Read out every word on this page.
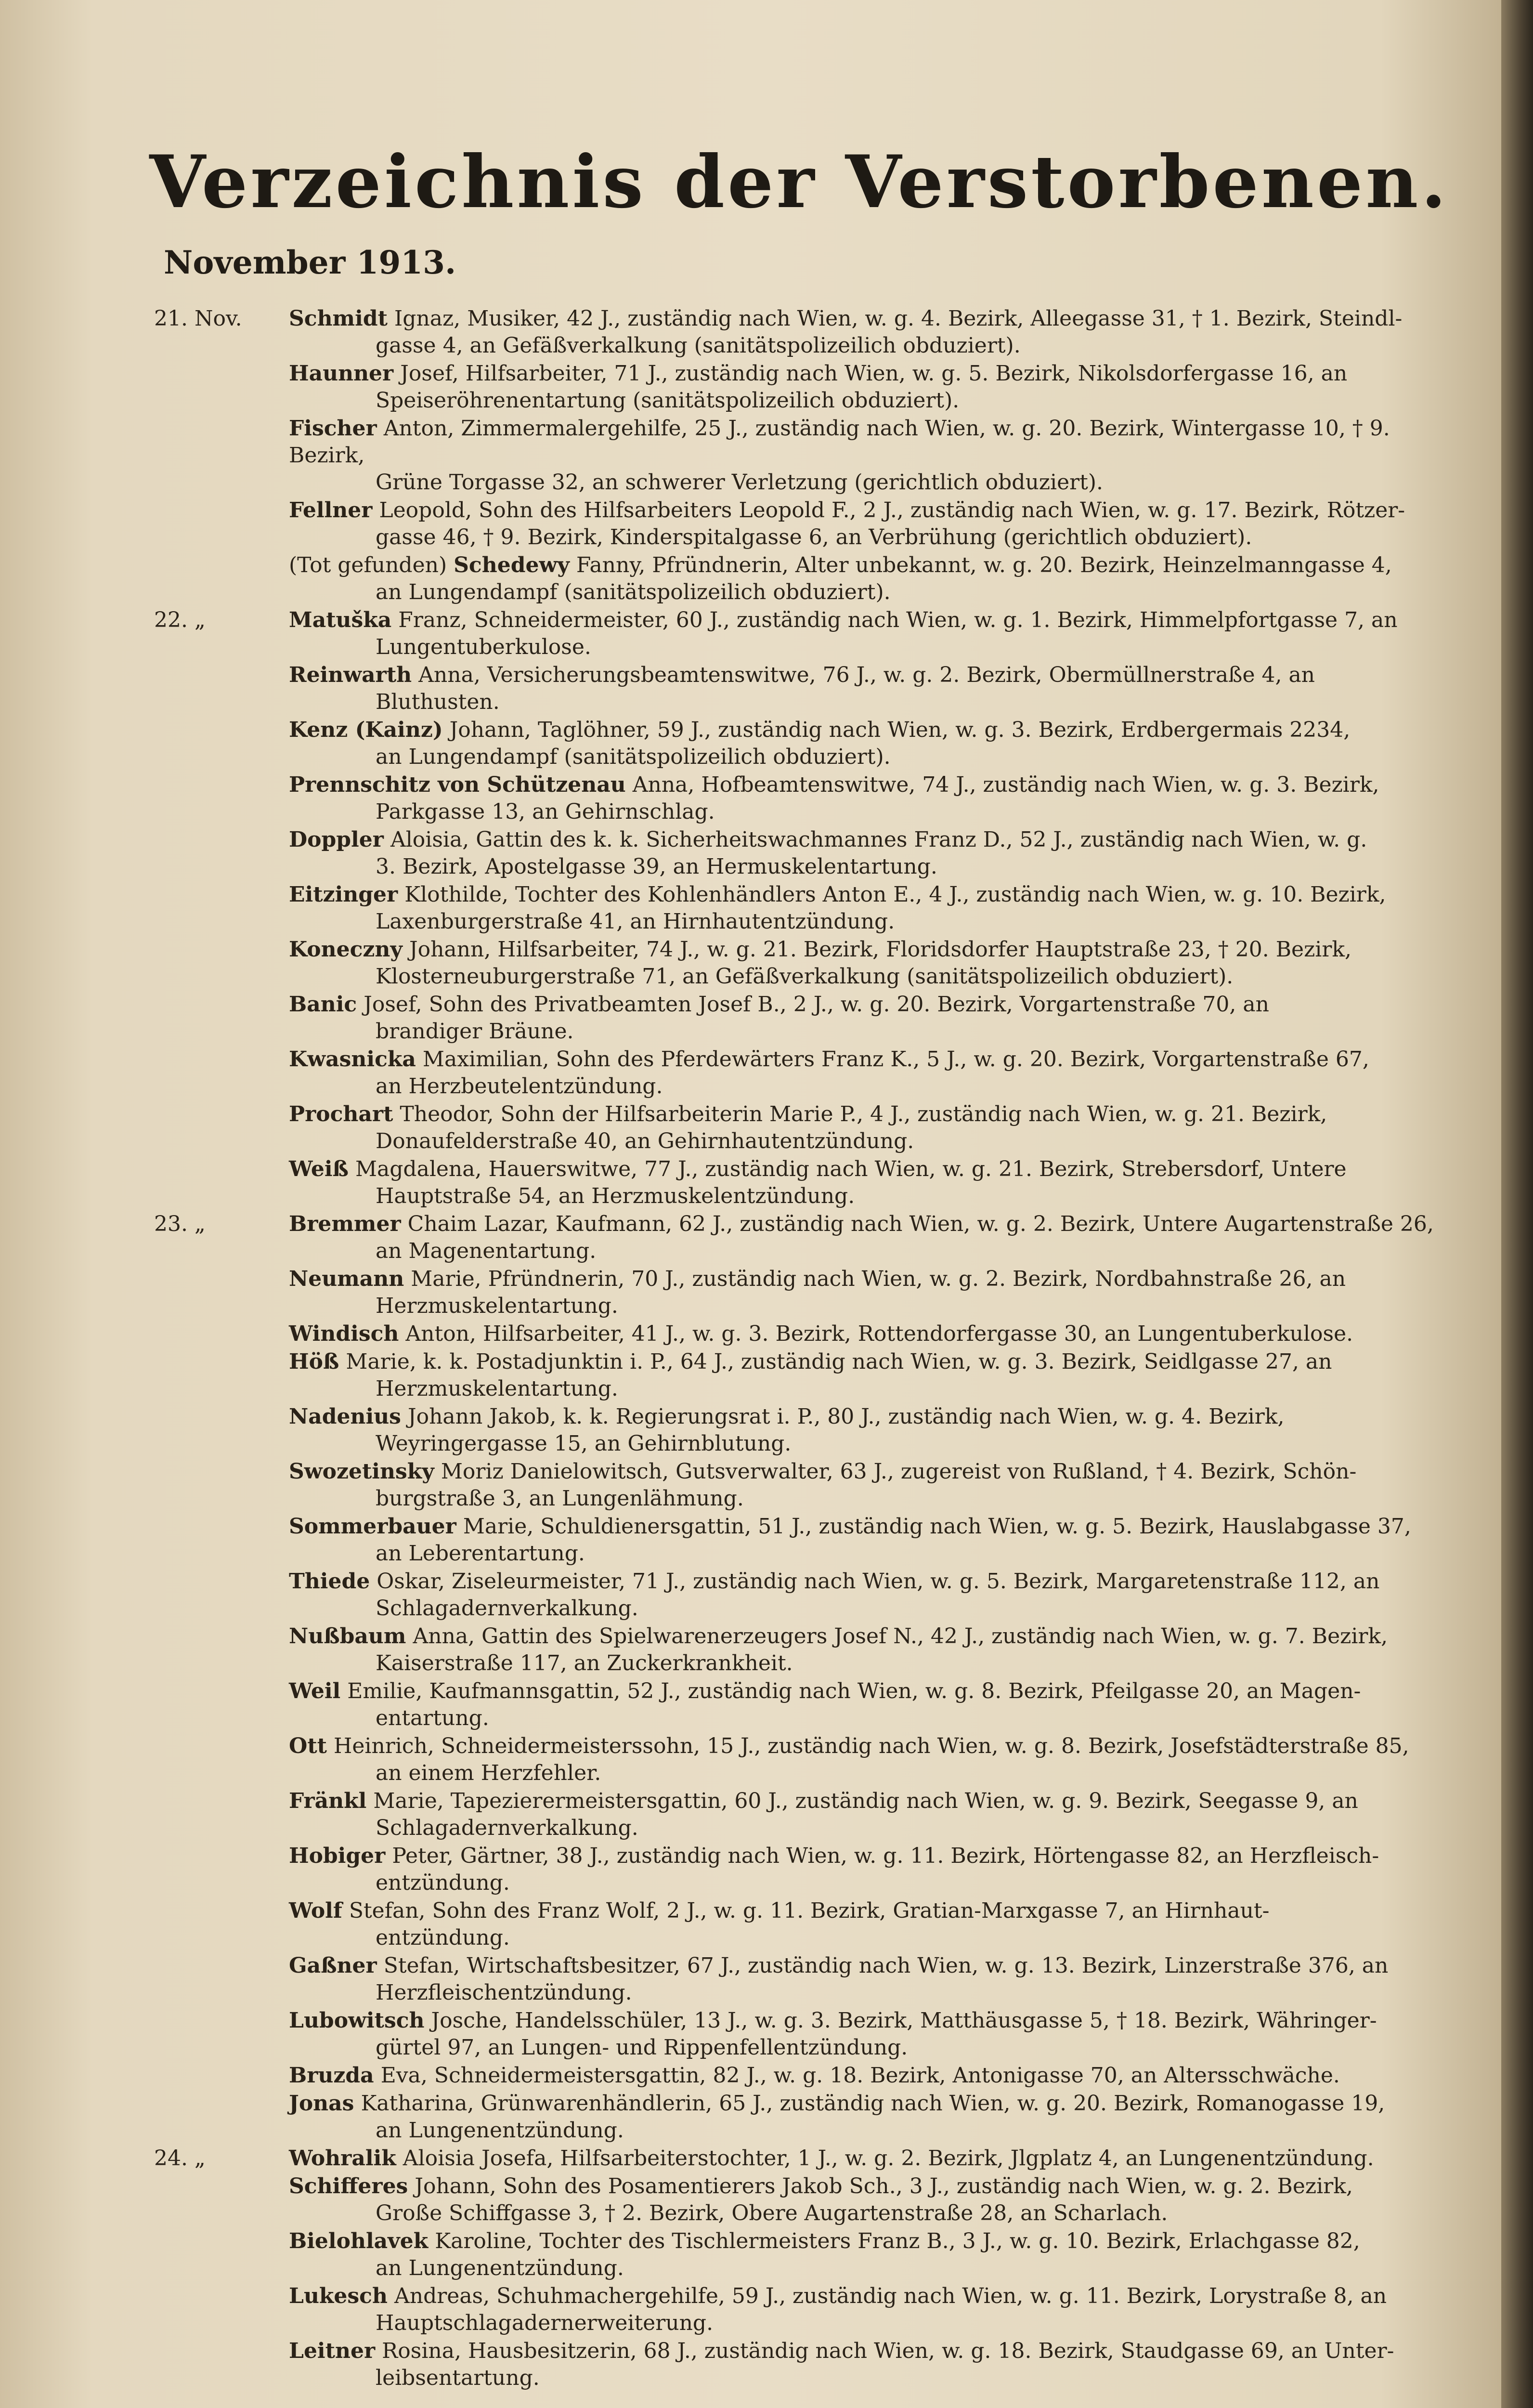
Verzeichnis der Verstorbenen.
November 1913.
21. Nov.	Schmidt Ignaz, Musiker, 42 J., zuständig nach Wien, w. g. 4. Bezirk, Alleegasse 31, † 1. Bezirk, Steindl-
gasse 4, an Gefäßverkalkung (sanitätspolizeilich obduziert).
Haunner Josef, Hilfsarbeiter, 71 J., zuständig nach Wien, w. g. 5. Bezirk, Nikolsdorfergasse 16, an
Speiseröhrenentartung (sanitätspolizeilich obduziert).
Fischer Anton, Zimmermalergehilfe, 25 J., zuständig nach Wien, w. g. 20. Bezirk, Wintergasse 10, † 9. Bezirk,
Grüne Torgasse 32, an schwerer Verletzung (gerichtlich obduziert).
Fellner Leopold, Sohn des Hilfsarbeiters Leopold F., 2 J., zuständig nach Wien, w. g. 17. Bezirk, Rötzer-
gasse 46, † 9. Bezirk, Kinderspitalgasse 6, an Verbrühung (gerichtlich obduziert).
(Tot gefunden) Schedewy Fanny, Pfründnerin, Alter unbekannt, w. g. 20. Bezirk, Heinzelmanngasse 4,
an Lungendampf (sanitätspolizeilich obduziert).
22. „	Matuška Franz, Schneidermeister, 60 J., zuständig nach Wien, w. g. 1. Bezirk, Himmelpfortgasse 7, an
Lungentuberkulose.
Reinwarth Anna, Versicherungsbeamtenswitwe, 76 J., w. g. 2. Bezirk, Obermüllnerstraße 4, an
Bluthusten.
Kenz (Kainz) Johann, Taglöhner, 59 J., zuständig nach Wien, w. g. 3. Bezirk, Erdbergermais 2234,
an Lungendampf (sanitätspolizeilich obduziert).
Prennschitz von Schützenau Anna, Hofbeamtenswitwe, 74 J., zuständig nach Wien, w. g. 3. Bezirk,
Parkgasse 13, an Gehirnschlag.
Doppler Aloisia, Gattin des k. k. Sicherheitswachmannes Franz D., 52 J., zuständig nach Wien, w. g.
3. Bezirk, Apostelgasse 39, an Hermuskelentartung.
Eitzinger Klothilde, Tochter des Kohlenhändlers Anton E., 4 J., zuständig nach Wien, w. g. 10. Bezirk,
Laxenburgerstraße 41, an Hirnhautentzündung.
Koneczny Johann, Hilfsarbeiter, 74 J., w. g. 21. Bezirk, Floridsdorfer Hauptstraße 23, † 20. Bezirk,
Klosterneuburgerstraße 71, an Gefäßverkalkung (sanitätspolizeilich obduziert).
Banic Josef, Sohn des Privatbeamten Josef B., 2 J., w. g. 20. Bezirk, Vorgartenstraße 70, an
brandiger Bräune.
Kwasnicka Maximilian, Sohn des Pferdewärters Franz K., 5 J., w. g. 20. Bezirk, Vorgartenstraße 67,
an Herzbeutelentzündung.
Prochart Theodor, Sohn der Hilfsarbeiterin Marie P., 4 J., zuständig nach Wien, w. g. 21. Bezirk,
Donaufelderstraße 40, an Gehirnhautentzündung.
Weiß Magdalena, Hauerswitwe, 77 J., zuständig nach Wien, w. g. 21. Bezirk, Strebersdorf, Untere
Hauptstraße 54, an Herzmuskelentzündung.
23. „	Bremmer Chaim Lazar, Kaufmann, 62 J., zuständig nach Wien, w. g. 2. Bezirk, Untere Augartenstraße 26,
an Magenentartung.
Neumann Marie, Pfründnerin, 70 J., zuständig nach Wien, w. g. 2. Bezirk, Nordbahnstraße 26, an
Herzmuskelentartung.
Windisch Anton, Hilfsarbeiter, 41 J., w. g. 3. Bezirk, Rottendorfergasse 30, an Lungentuberkulose.
Höß Marie, k. k. Postadjunktin i. P., 64 J., zuständig nach Wien, w. g. 3. Bezirk, Seidlgasse 27, an
Herzmuskelentartung.
Nadenius Johann Jakob, k. k. Regierungsrat i. P., 80 J., zuständig nach Wien, w. g. 4. Bezirk,
Weyringergasse 15, an Gehirnblutung.
Swozetinsky Moriz Danielowitsch, Gutsverwalter, 63 J., zugereist von Rußland, † 4. Bezirk, Schön-
burgstraße 3, an Lungenlähmung.
Sommerbauer Marie, Schuldienersgattin, 51 J., zuständig nach Wien, w. g. 5. Bezirk, Hauslabgasse 37,
an Leberentartung.
Thiede Oskar, Ziseleurmeister, 71 J., zuständig nach Wien, w. g. 5. Bezirk, Margaretenstraße 112, an
Schlagadernverkalkung.
Nußbaum Anna, Gattin des Spielwarenerzeugers Josef N., 42 J., zuständig nach Wien, w. g. 7. Bezirk,
Kaiserstraße 117, an Zuckerkrankheit.
Weil Emilie, Kaufmannsgattin, 52 J., zuständig nach Wien, w. g. 8. Bezirk, Pfeilgasse 20, an Magen-
entartung.
Ott Heinrich, Schneidermeisterssohn, 15 J., zuständig nach Wien, w. g. 8. Bezirk, Josefstädterstraße 85,
an einem Herzfehler.
Fränkl Marie, Tapezierermeistersgattin, 60 J., zuständig nach Wien, w. g. 9. Bezirk, Seegasse 9, an
Schlagadernverkalkung.
Hobiger Peter, Gärtner, 38 J., zuständig nach Wien, w. g. 11. Bezirk, Hörtengasse 82, an Herzfleisch-
entzündung.
Wolf Stefan, Sohn des Franz Wolf, 2 J., w. g. 11. Bezirk, Gratian-Marxgasse 7, an Hirnhaut-
entzündung.
Gaßner Stefan, Wirtschaftsbesitzer, 67 J., zuständig nach Wien, w. g. 13. Bezirk, Linzerstraße 376, an
Herzfleischentzündung.
Lubowitsch Josche, Handelsschüler, 13 J., w. g. 3. Bezirk, Matthäusgasse 5, † 18. Bezirk, Währinger-
gürtel 97, an Lungen- und Rippenfellentzündung.
Bruzda Eva, Schneidermeistersgattin, 82 J., w. g. 18. Bezirk, Antonigasse 70, an Altersschwäche.
Jonas Katharina, Grünwarenhändlerin, 65 J., zuständig nach Wien, w. g. 20. Bezirk, Romanogasse 19,
an Lungenentzündung.
24. „	Wohralik Aloisia Josefa, Hilfsarbeiterstochter, 1 J., w. g. 2. Bezirk, Jlgplatz 4, an Lungenentzündung.
Schifferes Johann, Sohn des Posamentierers Jakob Sch., 3 J., zuständig nach Wien, w. g. 2. Bezirk,
Große Schiffgasse 3, † 2. Bezirk, Obere Augartenstraße 28, an Scharlach.
Bielohlavek Karoline, Tochter des Tischlermeisters Franz B., 3 J., w. g. 10. Bezirk, Erlachgasse 82,
an Lungenentzündung.
Lukesch Andreas, Schuhmachergehilfe, 59 J., zuständig nach Wien, w. g. 11. Bezirk, Lorystraße 8, an
Hauptschlagadernerweiterung.
Leitner Rosina, Hausbesitzerin, 68 J., zuständig nach Wien, w. g. 18. Bezirk, Staudgasse 69, an Unter-
leibsentartung.
